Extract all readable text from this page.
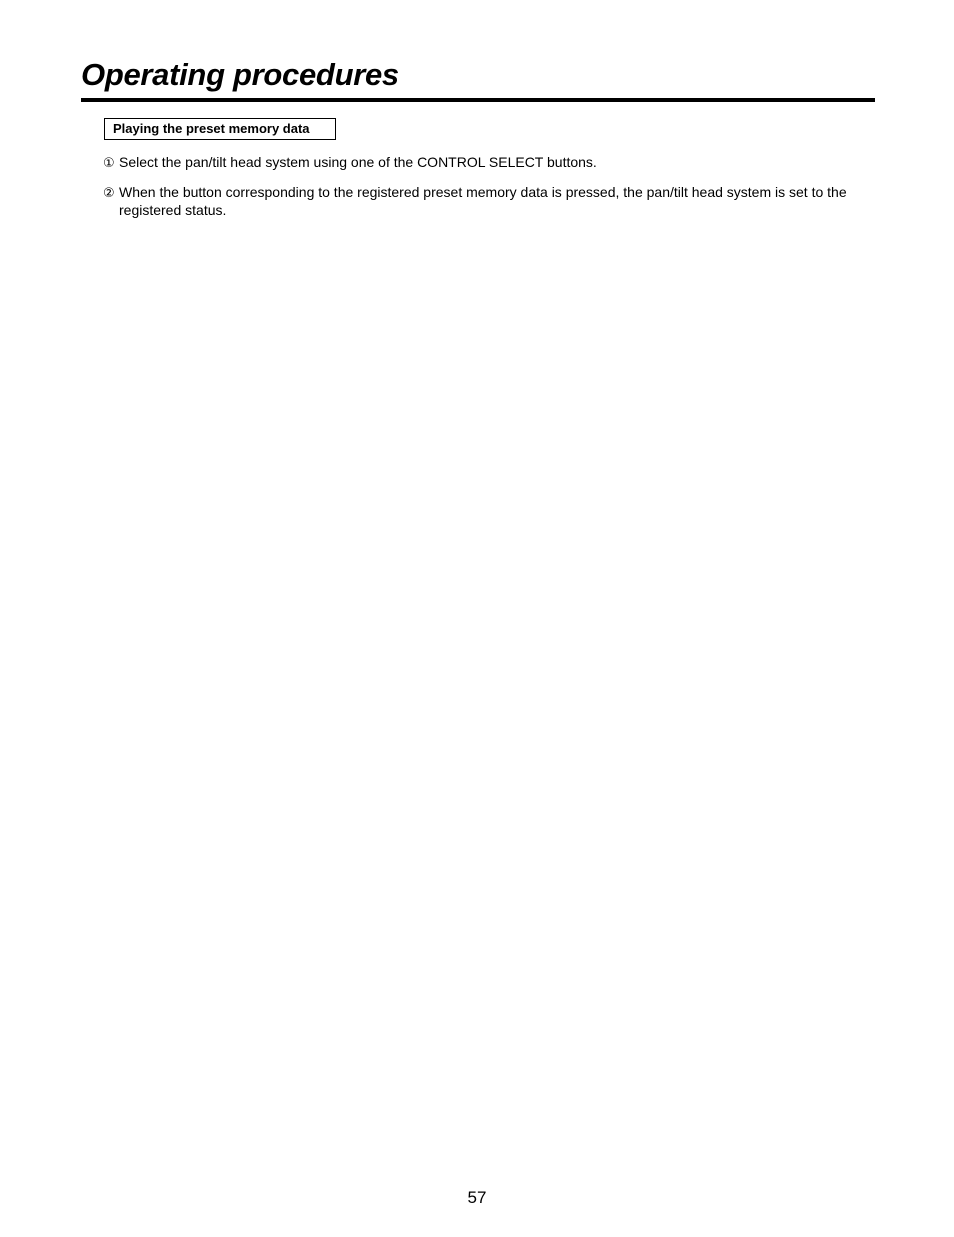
Operating procedures
Playing the preset memory data
① Select the pan/tilt head system using one of the CONTROL SELECT buttons.
② When the button corresponding to the registered preset memory data is pressed, the pan/tilt head system is set to the registered status.
57
